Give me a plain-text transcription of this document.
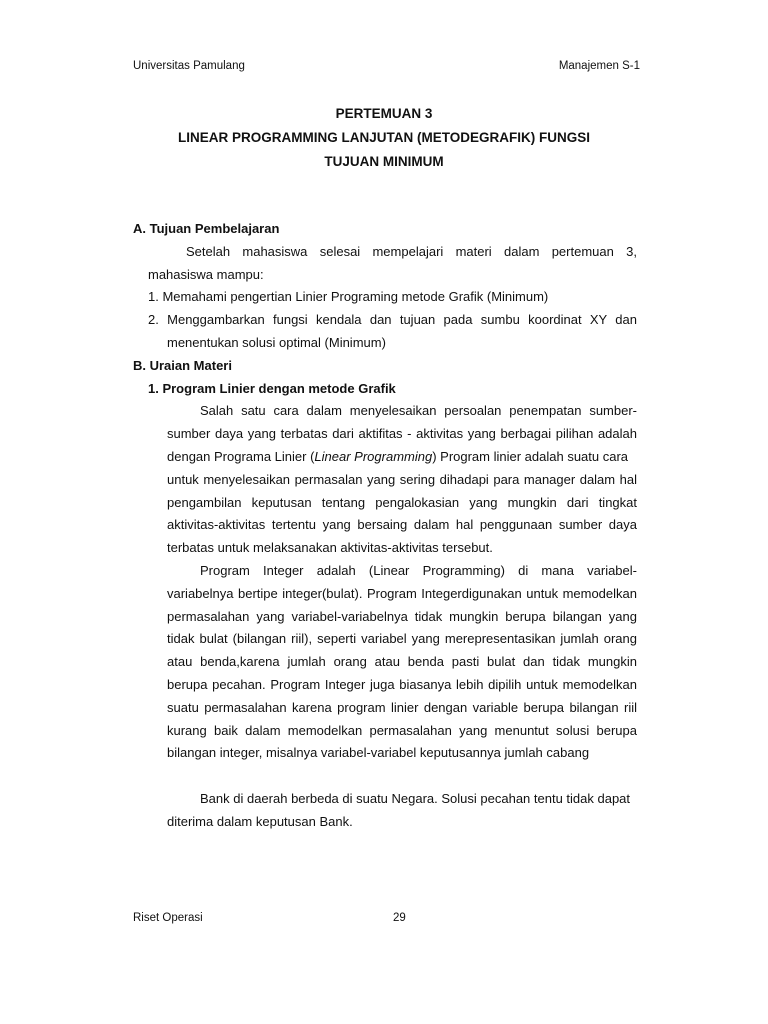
Universitas Pamulang	Manajemen S-1
PERTEMUAN 3
LINEAR PROGRAMMING LANJUTAN (METODEGRAFIK) FUNGSI
TUJUAN MINIMUM
A. Tujuan Pembelajaran
Setelah mahasiswa selesai mempelajari materi dalam pertemuan 3,
mahasiswa mampu:
1. Memahami pengertian Linier Programing metode Grafik (Minimum)
2. Menggambarkan fungsi kendala dan tujuan pada sumbu koordinat XY dan
menentukan solusi optimal (Minimum)
B. Uraian Materi
1. Program Linier dengan metode Grafik
Salah satu cara dalam menyelesaikan persoalan penempatan sumber-
sumber daya yang terbatas dari aktifitas - aktivitas yang berbagai pilihan adalah
dengan Programa Linier (Linear Programming) Program linier adalah suatu cara
untuk menyelesaikan permasalan yang sering dihadapi para manager dalam hal
pengambilan keputusan tentang pengalokasian yang mungkin dari tingkat
aktivitas-aktivitas tertentu yang bersaing dalam hal penggunaan sumber daya
terbatas untuk melaksanakan aktivitas-aktivitas tersebut.
Program Integer adalah (Linear Programming) di mana variabel-
variabelnya bertipe integer(bulat). Program Integerdigunakan untuk memodelkan
permasalahan yang variabel-variabelnya tidak mungkin berupa bilangan yang
tidak bulat (bilangan riil), seperti variabel yang merepresentasikan jumlah orang
atau benda,karena jumlah orang atau benda pasti bulat dan tidak mungkin
berupa pecahan. Program Integer juga biasanya lebih dipilih untuk memodelkan
suatu permasalahan karena program linier dengan variable berupa bilangan riil
kurang baik dalam memodelkan permasalahan yang menuntut solusi berupa
bilangan integer, misalnya variabel-variabel keputusannya jumlah cabang
Bank di daerah berbeda di suatu Negara. Solusi pecahan tentu tidak dapat
diterima dalam keputusan Bank.
Riset Operasi	29
